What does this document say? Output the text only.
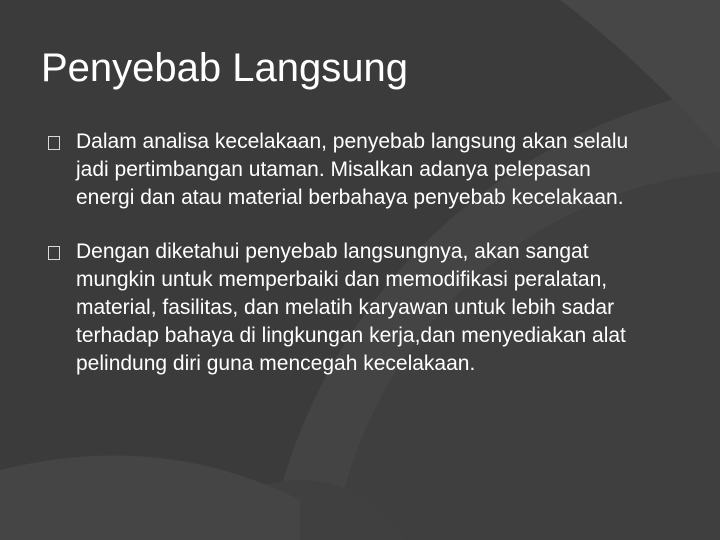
Penyebab Langsung
Dalam analisa kecelakaan, penyebab langsung akan selalu jadi pertimbangan utaman. Misalkan adanya pelepasan energi dan atau material berbahaya penyebab kecelakaan.
Dengan diketahui penyebab langsungnya, akan sangat mungkin untuk memperbaiki dan memodifikasi peralatan, material, fasilitas, dan melatih karyawan untuk lebih sadar terhadap bahaya di lingkungan kerja,dan menyediakan alat pelindung diri guna mencegah kecelakaan.
